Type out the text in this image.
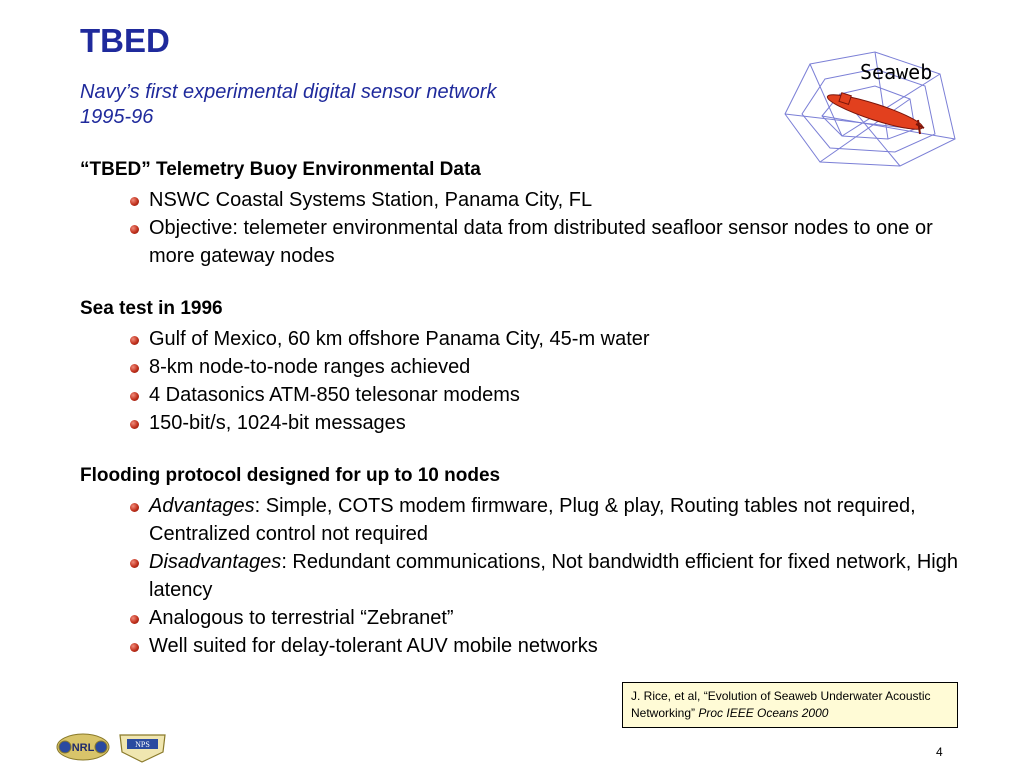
TBED
Navy’s first experimental digital sensor network
1995-96
Seaweb
“TBED” Telemetry Buoy Environmental Data
NSWC Coastal Systems Station, Panama City, FL
Objective: telemeter environmental data from distributed seafloor sensor nodes to one or more gateway nodes
Sea test in 1996
Gulf of Mexico, 60 km offshore Panama City, 45-m water
8-km node-to-node ranges achieved
4 Datasonics ATM-850 telesonar modems
150-bit/s, 1024-bit messages
Flooding protocol designed for up to 10 nodes
Advantages: Simple, COTS modem firmware, Plug & play, Routing tables not required, Centralized control not required
Disadvantages: Redundant communications, Not bandwidth efficient for fixed network, High latency
Analogous to terrestrial “Zebranet”
Well suited for delay-tolerant AUV mobile networks
J. Rice, et al, “Evolution of Seaweb Underwater Acoustic Networking” Proc IEEE Oceans 2000
NRL	NPS
4
